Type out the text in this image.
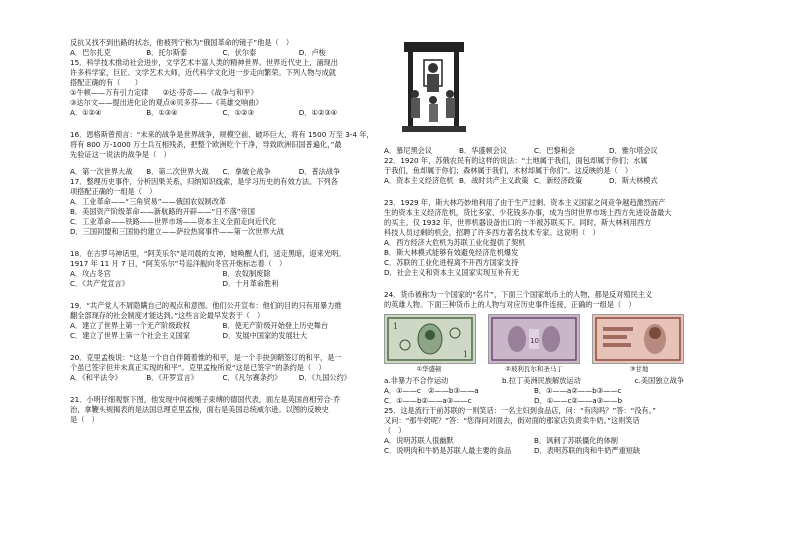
反抗又找不到出路的状态，他被列宁称为“俄国革命的镜子”他是（　）
A．巴尔扎克	B．托尔斯泰	C．伏尔泰	D．卢梭
15．科学技术推动社会进步，文学艺术丰富人类的精神世界。世界近代史上，涌现出
许多科学家，巨匠、文学艺术大师，近代科学文化进一步走向繁荣。下列人物与成就
搭配正确的有（　　）
①牛顿——万有引力定律　　②达·芬奇——《战争与和平》
③达尔文——提出进化论的观点④贝多芬——《英雄交响曲》
A．①②④	B．①③④	C．①②③	D．①②③④
16．恩格斯曾预言：“未来的战争是世界战争，规模空前、破坏巨大，将有 1500 万至 3-4 年，
将有 800 万-1000 万士兵互相残杀，把整个欧洲吃个干净，导致欧洲旧国普遍化，”最
先验证这一说法的战争是（　）
A．第一次世界大战	B．第二次世界大战	C．拿破仑战争	D．普法战争
17．整理历史事件，分析因果关系，归纳知识线索，是学习历史的有效方法。下列各
项搭配正确的一组是（　）
A．工业革命——“三角贸易”——俄国农奴制改革
B．美国资产阶级革命——新航路的开辟——“日不落”帝国
C．工业革命——铁路——世界市场——资本主义全面走向近代化
D．三国同盟和三国协约建立——萨拉热窝事件——第一次世界大战
18．在古罗马神话里，“阿芙乐尔”是司晨的女神，她唤醒人们，送走黑暗，迎来光明。
1917 年 11 月 7 日，“阿芙乐尔”号巡洋舰向冬宫开炮标志着（　）
A．攻占冬宫	B．农奴制废除
C．《共产党宣言》	D．十月革命胜利
19．“共产党人不屑隐瞒自己的观点和意图。他们公开宣布：他们的目的只有用暴力推
翻全部现存的社会制度才能达到。”这些言论最早发表于（　）
A．建立了世界上第一个无产阶级政权	B．使无产阶级开始登上历史舞台
C．建立了世界上第一个社会主义国家	D．发展中国家的发展壮大
20．克里孟梭说：“这是一个自自伴随着惟的和平，是一个手抉剑鞘签订的和平，是一
个虽已签字但并未真正实现的和平”。克里孟梭所说“这是已签字”的条约是（　）
A．《和平法令》	B．《开罗宣言》	C．《凡尔赛条约》	D．《九国公约》
21．小明仔细观察下图，他发现中间被绳子束缚的德国代表，面左是英国首相劳合·乔
治，拿鞭头规揭表的是法国总理克里孟梭，面右是美国总统威尔逊。以图的反映史
是（　）
A．慕尼黑会议	B．华盛顿会议	C．巴黎和会	D．雅尔塔会议
22．1920 年，苏俄农民有的这样的说法：“土地属于我们，面包却属于你们；水属
于我们，鱼却属于你们；森林属于我们，木材却属于你们”。这反映的是（　）
A．资本主义经济危机 B．战时共产主义政策 C．新经济政策	D．斯大林模式
23．1929 年，斯大林巧妙地利用了由于生产过剩、资本主义国家之间竞争越趋激烈而产
生的资本主义经济危机，货比多家、少花钱多办事，成为当时世界市场上西方先进设备最大
的买主。仅 1932 年，世界机器设备出口的一半被苏联买下。同时，斯大林利用西方
科技人员过剩的机会，招聘了许多西方著名技术专家。这说明（　）
A．西方经济大危机为苏联工业化提供了契机
B．斯大林模式能够有效避免经济危机爆发
C．苏联的工业化进程离不开西方国家支持
D．社会主义和资本主义国家实现互补有无
24．货币被称为一个国家的“名片”，下面三个国家纸币上的人物，都是反对殖民主义
的英雄人物。下面三种货币上的人物与对应历史事件连接，正确的一组是（　）
1
1
10
①华盛顿	②玻利瓦尔和圣马丁	③甘地
a.非暴力不合作运动	b.拉丁美洲民族解放运动	c.美国独立战争
A．①——c　②——b③——a	B．①——a②——b③——c
C．①——b②——a③——c	D．①——c②——a③——b
25．这是流行于前苏联的一则笑话：一名主妇到食品店，问：“有肉吗？”答：“没有。”
又问：“那牛奶呢？”答：“您得问对面去，街对面的那家店负责卖牛奶。”这则笑话
（　）
A．说明苏联人很幽默	B．讽刺了苏联僵化的体制
C．说明肉和牛奶是苏联人最主要的食品	D．表明苏联的肉和牛奶严重短缺
